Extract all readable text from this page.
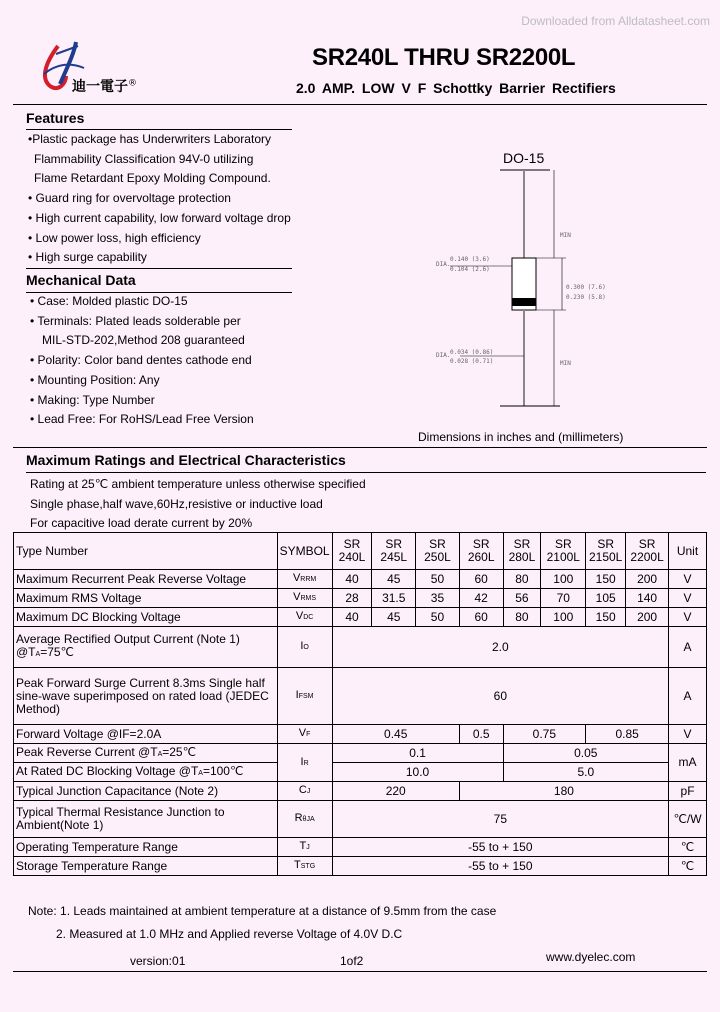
Downloaded from Alldatasheet.com
迪一電子®
SR240L THRU SR2200L
2.0 AMP. LOW V F Schottky Barrier Rectifiers
Features
•Plastic package has Underwriters Laboratory
Flammability Classification 94V-0 utilizing
Flame Retardant Epoxy Molding Compound.
• Guard ring for overvoltage protection
• High current capability, low forward voltage drop
• Low power loss, high efficiency
• High surge capability
Mechanical Data
• Case: Molded plastic DO-15
• Terminals: Plated leads solderable per
MIL-STD-202,Method 208 guaranteed
• Polarity: Color band dentes cathode end
• Mounting Position: Any
• Making: Type Number
• Lead Free: For RoHS/Lead Free Version
DO-15
MIN
0.140 (3.6)
0.104 (2.6)
DIA.
0.300 (7.6)
0.230 (5.8)
0.034 (0.86)
0.028 (0.71)
DIA.
MIN
Dimensions in inches and (millimeters)
Maximum Ratings and Electrical Characteristics
Rating at 25℃ ambient temperature unless otherwise specified
Single phase,half wave,60Hz,resistive or inductive load
For capacitive load derate current by 20%
Type Number	SYMBOL	SR
240L	SR
245L	SR
250L	SR
260L	SR
280L	SR
2100L	SR
2150L	SR
2200L	Unit
Maximum Recurrent Peak Reverse Voltage	VRRM	40	45	50	60	80	100	150	200	V
Maximum RMS Voltage	VRMS	28	31.5	35	42	56	70	105	140	V
Maximum DC Blocking Voltage	VDC	40	45	50	60	80	100	150	200	V
Average Rectified Output Current (Note 1)
@TA=75℃	IO	2.0								A
Peak Forward Surge Current 8.3ms Single half
sine-wave superimposed on rated load (JEDEC
Method)	IFSM	60								A
Forward Voltage @IF=2.0A	VF	0.45			0.5	0.75		0.85		V
Peak Reverse Current @TA=25℃	IR	0.1				0.05				mA
At Rated DC Blocking Voltage @TA=100℃		10.0				5.0				
Typical Junction Capacitance (Note 2)	CJ	220			180					pF
Typical Thermal Resistance Junction to
Ambient(Note 1)	RθJA	75								℃/W
Operating Temperature Range	TJ	-55 to + 150								℃
Storage Temperature Range	TSTG	-55 to + 150								℃
Note: 1. Leads maintained at ambient temperature at a distance of 9.5mm from the case
2. Measured at 1.0 MHz and Applied reverse Voltage of 4.0V D.C
version:01	1of2	www.dyelec.com
